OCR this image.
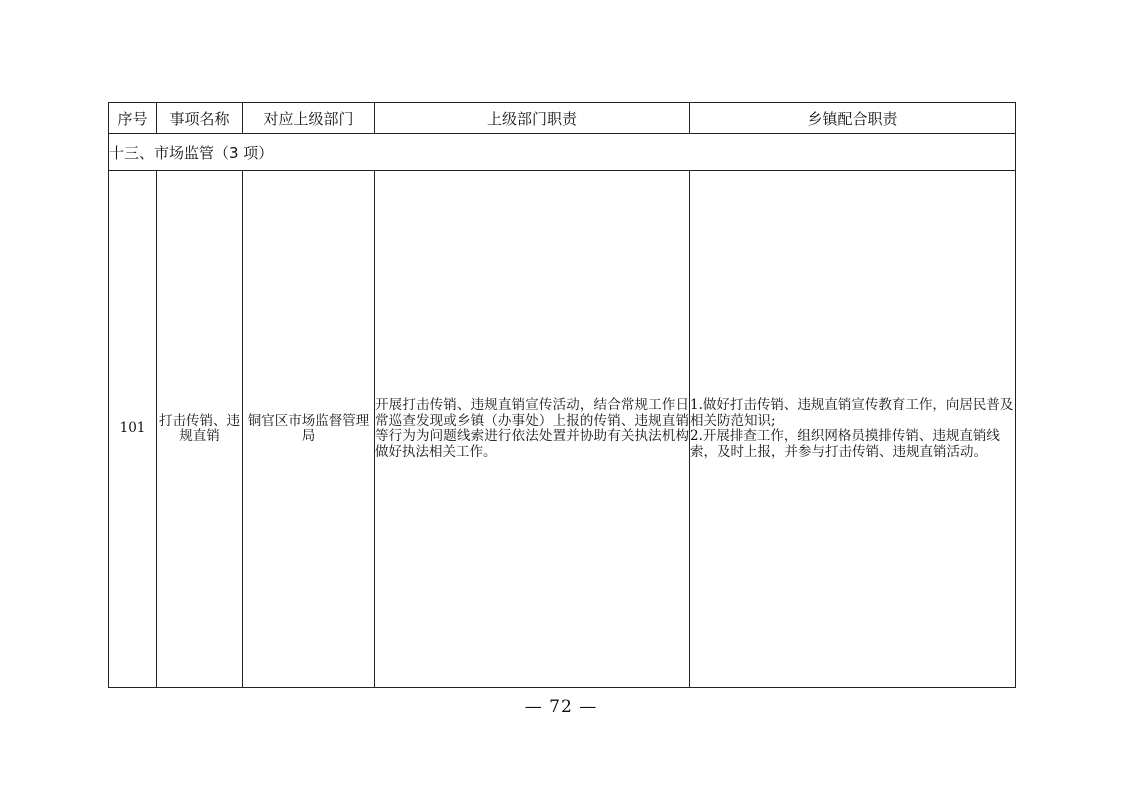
序号	事项名称	对应上级部门	上级部门职责	乡镇配合职责
十三、市场监管（3 项）				
101	打击传销、违规直销	铜官区市场监督管理局	开展打击传销、违规直销宣传活动，结合常规工作日常巡查发现或乡镇（办事处）上报的传销、违规直销等行为为问题线索进行依法处置并协助有关执法机构做好执法相关工作。	1.做好打击传销、违规直销宣传教育工作，向居民普及相关防范知识;
2.开展排查工作，组织网格员摸排传销、违规直销线索，及时上报，并参与打击传销、违规直销活动。
— 72 —
